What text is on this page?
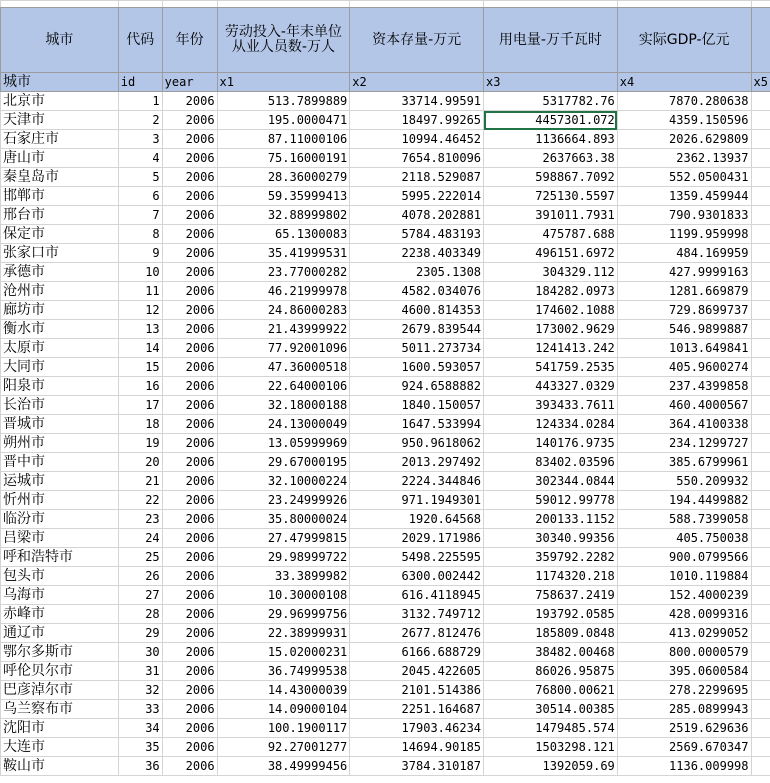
城市	代码	年份	劳动投入-年末单位从业人员数-万人	资本存量-万元	用电量-万千瓦时	实际GDP-亿元	
城市	id	year	x1	x2	x3	x4	x5
北京市	1	2006	513.7899889	33714.99591	5317782.76	7870.280638	
天津市	2	2006	195.0000471	18497.99265	4457301.072	4359.150596	
石家庄市	3	2006	87.11000106	10994.46452	1136664.893	2026.629809	
唐山市	4	2006	75.16000191	7654.810096	2637663.38	2362.13937	
秦皇岛市	5	2006	28.36000279	2118.529087	598867.7092	552.0500431	
邯郸市	6	2006	59.35999413	5995.222014	725130.5597	1359.459944	
邢台市	7	2006	32.88999802	4078.202881	391011.7931	790.9301833	
保定市	8	2006	65.1300083	5784.483193	475787.688	1199.959998	
张家口市	9	2006	35.41999531	2238.403349	496151.6972	484.169959	
承德市	10	2006	23.77000282	2305.1308	304329.112	427.9999163	
沧州市	11	2006	46.21999978	4582.034076	184282.0973	1281.669879	
廊坊市	12	2006	24.86000283	4600.814353	174602.1088	729.8699737	
衡水市	13	2006	21.43999922	2679.839544	173002.9629	546.9899887	
太原市	14	2006	77.92001096	5011.273734	1241413.242	1013.649841	
大同市	15	2006	47.36000518	1600.593057	541759.2535	405.9600274	
阳泉市	16	2006	22.64000106	924.6588882	443327.0329	237.4399858	
长治市	17	2006	32.18000188	1840.150057	393433.7611	460.4000567	
晋城市	18	2006	24.13000049	1647.533994	124334.0284	364.4100338	
朔州市	19	2006	13.05999969	950.9618062	140176.9735	234.1299727	
晋中市	20	2006	29.67000195	2013.297492	83402.03596	385.6799961	
运城市	21	2006	32.10000224	2224.344846	302344.0844	550.209932	
忻州市	22	2006	23.24999926	971.1949301	59012.99778	194.4499882	
临汾市	23	2006	35.80000024	1920.64568	200133.1152	588.7399058	
吕梁市	24	2006	27.47999815	2029.171986	30340.99356	405.750038	
呼和浩特市	25	2006	29.98999722	5498.225595	359792.2282	900.0799566	
包头市	26	2006	33.3899982	6300.002442	1174320.218	1010.119884	
乌海市	27	2006	10.30000108	616.4118945	758637.2419	152.4000239	
赤峰市	28	2006	29.96999756	3132.749712	193792.0585	428.0099316	
通辽市	29	2006	22.38999931	2677.812476	185809.0848	413.0299052	
鄂尔多斯市	30	2006	15.02000231	6166.688729	38482.00468	800.0000579	
呼伦贝尔市	31	2006	36.74999538	2045.422605	86026.95875	395.0600584	
巴彦淖尔市	32	2006	14.43000039	2101.514386	76800.00621	278.2299695	
乌兰察布市	33	2006	14.09000104	2251.164687	30514.00385	285.0899943	
沈阳市	34	2006	100.1900117	17903.46234	1479485.574	2519.629636	
大连市	35	2006	92.27001277	14694.90185	1503298.121	2569.670347	
鞍山市	36	2006	38.49999456	3784.310187	1392059.69	1136.009998	
